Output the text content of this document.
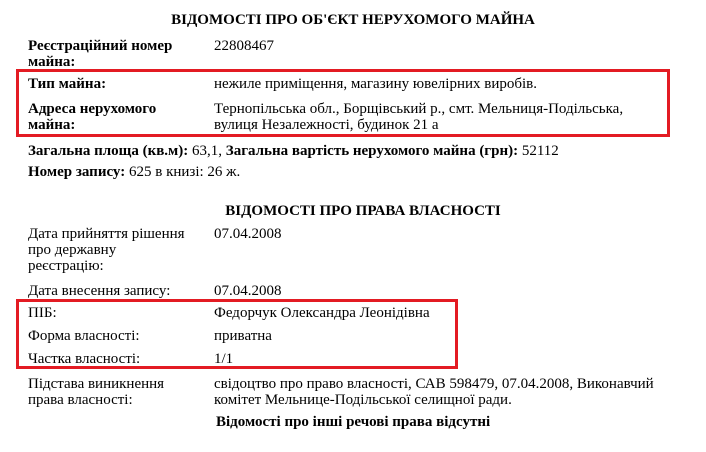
ВІДОМОСТІ ПРО ОБ'ЄКТ НЕРУХОМОГО МАЙНА
Реєстраційний номер
майна:
22808467
Тип майна:	нежиле приміщення, магазину ювелірних виробів.
Адреса нерухомого
майна:
Тернопільська обл., Борщівський р., смт. Мельниця-Подільська,
вулиця Незалежності, будинок 21 а
Загальна площа (кв.м): 63,1, Загальна вартість нерухомого майна (грн): 52112
Номер запису: 625 в книзі: 26 ж.
ВІДОМОСТІ ПРО ПРАВА ВЛАСНОСТІ
Дата прийняття рішення
про державну
реєстрацію:
07.04.2008
Дата внесення запису:	07.04.2008
ПІБ:	Федорчук Олександра Леонідівна
Форма власності:	приватна
Частка власності:	1/1
Підстава виникнення
права власності:
свідоцтво про право власності, САВ 598479, 07.04.2008, Виконавчий
комітет Мельнице-Подільської селищної ради.
Відомості про інші речові права відсутні
